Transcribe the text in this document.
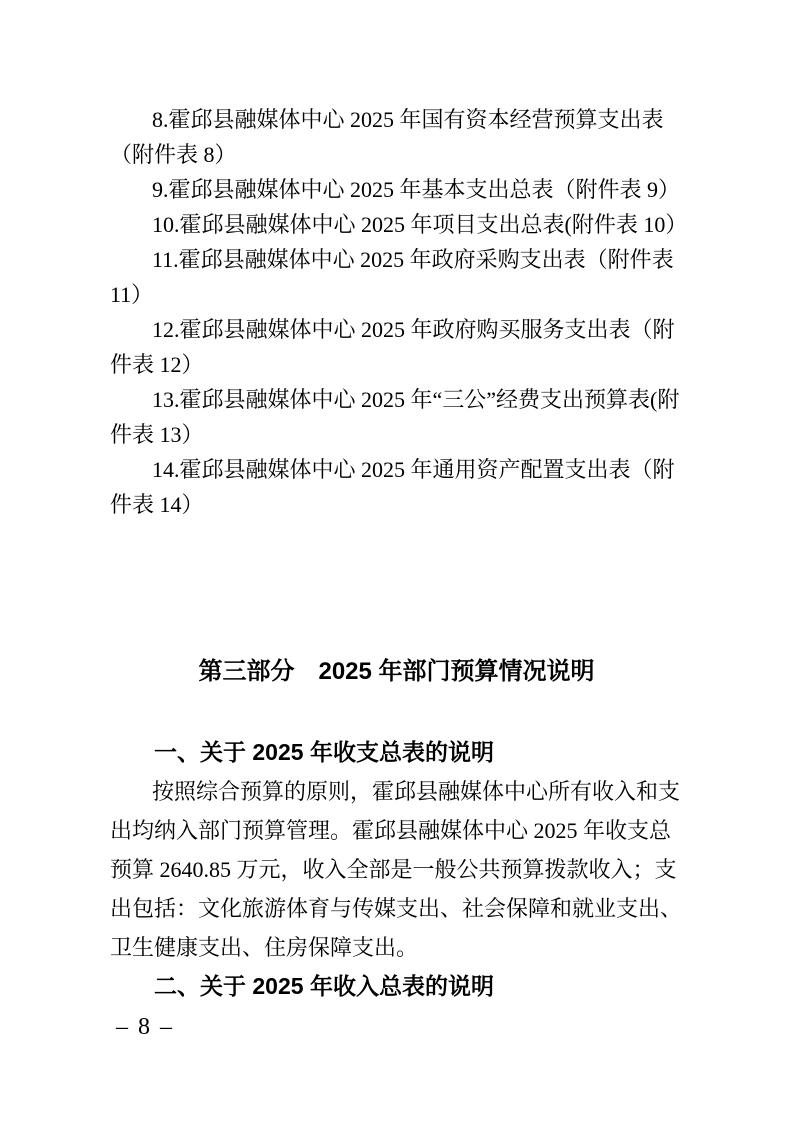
8.霍邱县融媒体中心 2025 年国有资本经营预算支出表
（附件表 8）
9.霍邱县融媒体中心 2025 年基本支出总表（附件表 9）
10.霍邱县融媒体中心 2025 年项目支出总表(附件表 10）
11.霍邱县融媒体中心 2025 年政府采购支出表（附件表
11）
12.霍邱县融媒体中心 2025 年政府购买服务支出表（附
件表 12）
13.霍邱县融媒体中心 2025 年“三公”经费支出预算表(附
件表 13）
14.霍邱县融媒体中心 2025 年通用资产配置支出表（附
件表 14）
第三部分　2025 年部门预算情况说明
一、关于 2025 年收支总表的说明
按照综合预算的原则，霍邱县融媒体中心所有收入和支
出均纳入部门预算管理。霍邱县融媒体中心 2025 年收支总
预算 2640.85 万元，收入全部是一般公共预算拨款收入；支
出包括：文化旅游体育与传媒支出、社会保障和就业支出、
卫生健康支出、住房保障支出。
二、关于 2025 年收入总表的说明
– 8 –
